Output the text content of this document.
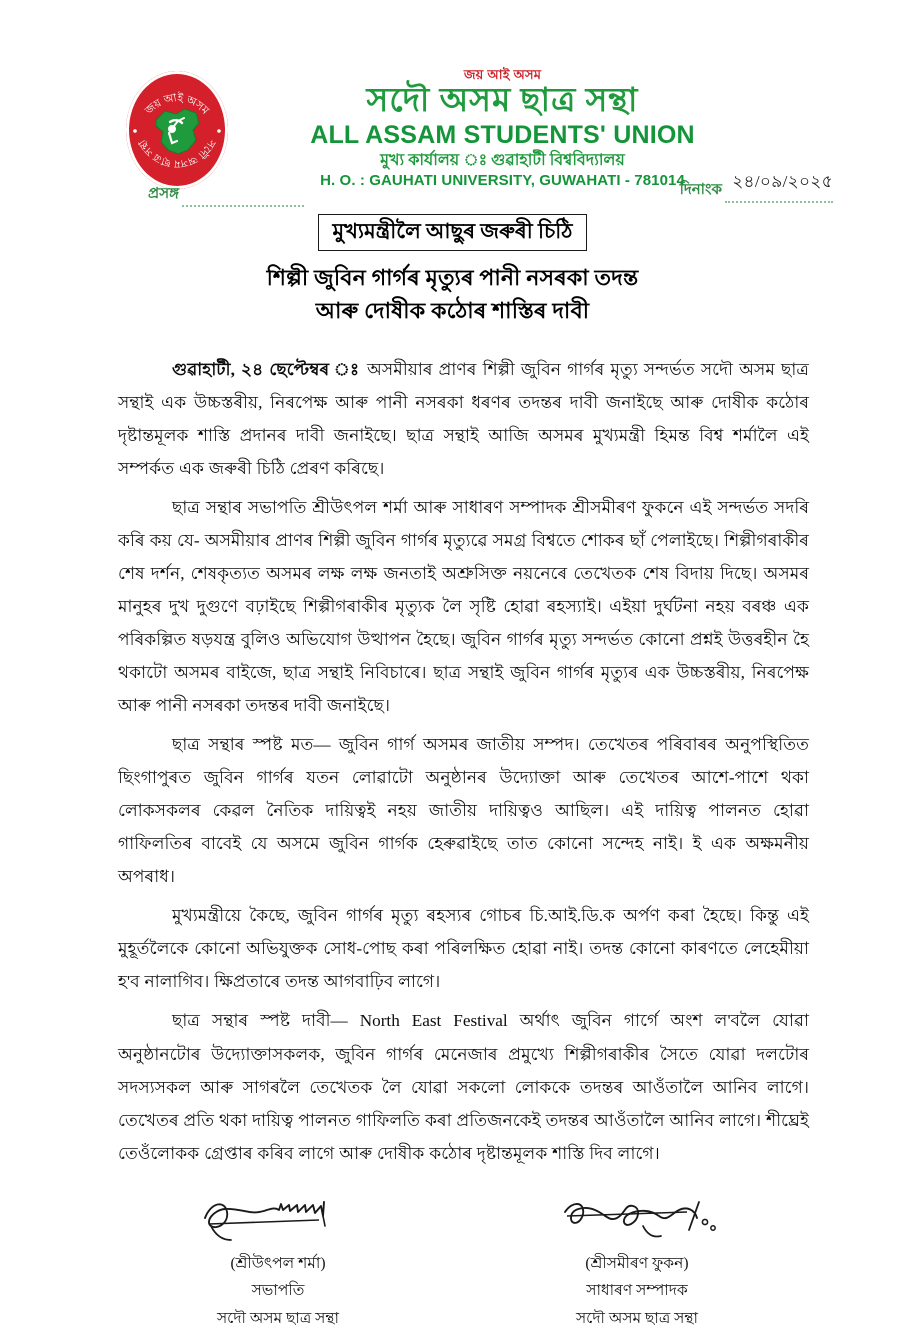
জয় আই অসম
সদৌ অসম ছাত্ৰ সন্থা
জয় আই অসম
সদৌ অসম ছাত্ৰ সন্থা
ALL ASSAM STUDENTS' UNION
মুখ্য কাৰ্যালয় ঃ গুৱাহাটী বিশ্ববিদ্যালয়
H. O. : GAUHATI UNIVERSITY, GUWAHATI - 781014
প্ৰসঙ্গ	দিনাংক ২৪/০৯/২০২৫
মুখ্যমন্ত্ৰীলৈ আছুৰ জৰুৰী চিঠি
শিল্পী জুবিন গাৰ্গৰ মৃত্যুৰ পানী নসৰকা তদন্ত
আৰু দোষীক কঠোৰ শাস্তিৰ দাবী

গুৱাহাটী, ২৪ ছেপ্টেম্বৰ ঃ অসমীয়াৰ প্ৰাণৰ শিল্পী জুবিন গাৰ্গৰ মৃত্যু সন্দৰ্ভত সদৌ অসম ছাত্ৰ সন্থাই এক উচ্চস্তৰীয়, নিৰপেক্ষ আৰু পানী নসৰকা ধৰণৰ তদন্তৰ দাবী জনাইছে আৰু দোষীক কঠোৰ দৃষ্টান্তমূলক শাস্তি প্ৰদানৰ দাবী জনাইছে। ছাত্ৰ সন্থাই আজি অসমৰ মুখ্যমন্ত্ৰী হিমন্ত বিশ্ব শৰ্মালৈ এই সম্পৰ্কত এক জৰুৰী চিঠি প্ৰেৰণ কৰিছে।

ছাত্ৰ সন্থাৰ সভাপতি শ্ৰীউৎপল শৰ্মা আৰু সাধাৰণ সম্পাদক শ্ৰীসমীৰণ ফুকনে এই সন্দৰ্ভত সদৰি কৰি কয় যে- অসমীয়াৰ প্ৰাণৰ শিল্পী জুবিন গাৰ্গৰ মৃত্যুৱে সমগ্ৰ বিশ্বতে শোকৰ ছাঁ পেলাইছে। শিল্পীগৰাকীৰ শেষ দৰ্শন, শেষকৃত্যত অসমৰ লক্ষ লক্ষ জনতাই অশ্ৰুসিক্ত নয়নেৰে তেখেতক শেষ বিদায় দিছে। অসমৰ মানুহৰ দুখ দুগুণে বঢ়াইছে শিল্পীগৰাকীৰ মৃত্যুক লৈ সৃষ্টি হোৱা ৰহস্যাই। এইয়া দুৰ্ঘটনা নহয় বৰঞ্চ এক পৰিকল্পিত ষড়যন্ত্ৰ বুলিও অভিযোগ উত্থাপন হৈছে। জুবিন গাৰ্গৰ মৃত্যু সন্দৰ্ভত কোনো প্ৰশ্নই উত্তৰহীন হৈ থকাটো অসমৰ বাইজে, ছাত্ৰ সন্থাই নিবিচাৰে। ছাত্ৰ সন্থাই জুবিন গাৰ্গৰ মৃত্যুৰ এক উচ্চস্তৰীয়, নিৰপেক্ষ আৰু পানী নসৰকা তদন্তৰ দাবী জনাইছে।

ছাত্ৰ সন্থাৰ স্পষ্ট মত— জুবিন গাৰ্গ অসমৰ জাতীয় সম্পদ। তেখেতৰ পৰিবাৰৰ অনুপস্থিতিত ছিংগাপুৰত জুবিন গাৰ্গৰ যতন লোৱাটো অনুষ্ঠানৰ উদ্যোক্তা আৰু তেখেতৰ আশে-পাশে থকা লোকসকলৰ কেৱল নৈতিক দায়িত্বই নহয় জাতীয় দায়িত্বও আছিল। এই দায়িত্ব পালনত হোৱা গাফিলতিৰ বাবেই যে অসমে জুবিন গাৰ্গক হেৰুৱাইছে তাত কোনো সন্দেহ নাই। ই এক অক্ষমনীয় অপৰাধ।

মুখ্যমন্ত্ৰীয়ে কৈছে, জুবিন গাৰ্গৰ মৃত্যু ৰহস্যৰ গোচৰ চি.আই.ডি.ক অৰ্পণ কৰা হৈছে। কিন্তু এই মুহূৰ্তলৈকে কোনো অভিযুক্তক সোধ-পোছ কৰা পৰিলক্ষিত হোৱা নাই। তদন্ত কোনো কাৰণতে লেহেমীয়া হ'ব নালাগিব। ক্ষিপ্ৰতাৰে তদন্ত আগবাঢ়িব লাগে।

ছাত্ৰ সন্থাৰ স্পষ্ট দাবী— North East Festival অৰ্থাৎ জুবিন গাৰ্গে অংশ ল'বলৈ যোৱা অনুষ্ঠানটোৰ উদ্যোক্তাসকলক, জুবিন গাৰ্গৰ মেনেজাৰ প্ৰমুখ্যে শিল্পীগৰাকীৰ সৈতে যোৱা দলটোৰ সদস্যসকল আৰু সাগৰলৈ তেখেতক লৈ যোৱা সকলো লোককে তদন্তৰ আওঁতালৈ আনিব লাগে। তেখেতৰ প্ৰতি থকা দায়িত্ব পালনত গাফিলতি কৰা প্ৰতিজনকেই তদন্তৰ আওঁতালৈ আনিব লাগে। শীঘ্ৰেই তেওঁলোকক গ্ৰেপ্তাৰ কৰিব লাগে আৰু দোষীক কঠোৰ দৃষ্টান্তমূলক শাস্তি দিব লাগে।

(শ্ৰীউৎপল শৰ্মা)
সভাপতি
সদৌ অসম ছাত্ৰ সন্থা
(শ্ৰীসমীৰণ ফুকন)
সাধাৰণ সম্পাদক
সদৌ অসম ছাত্ৰ সন্থা
